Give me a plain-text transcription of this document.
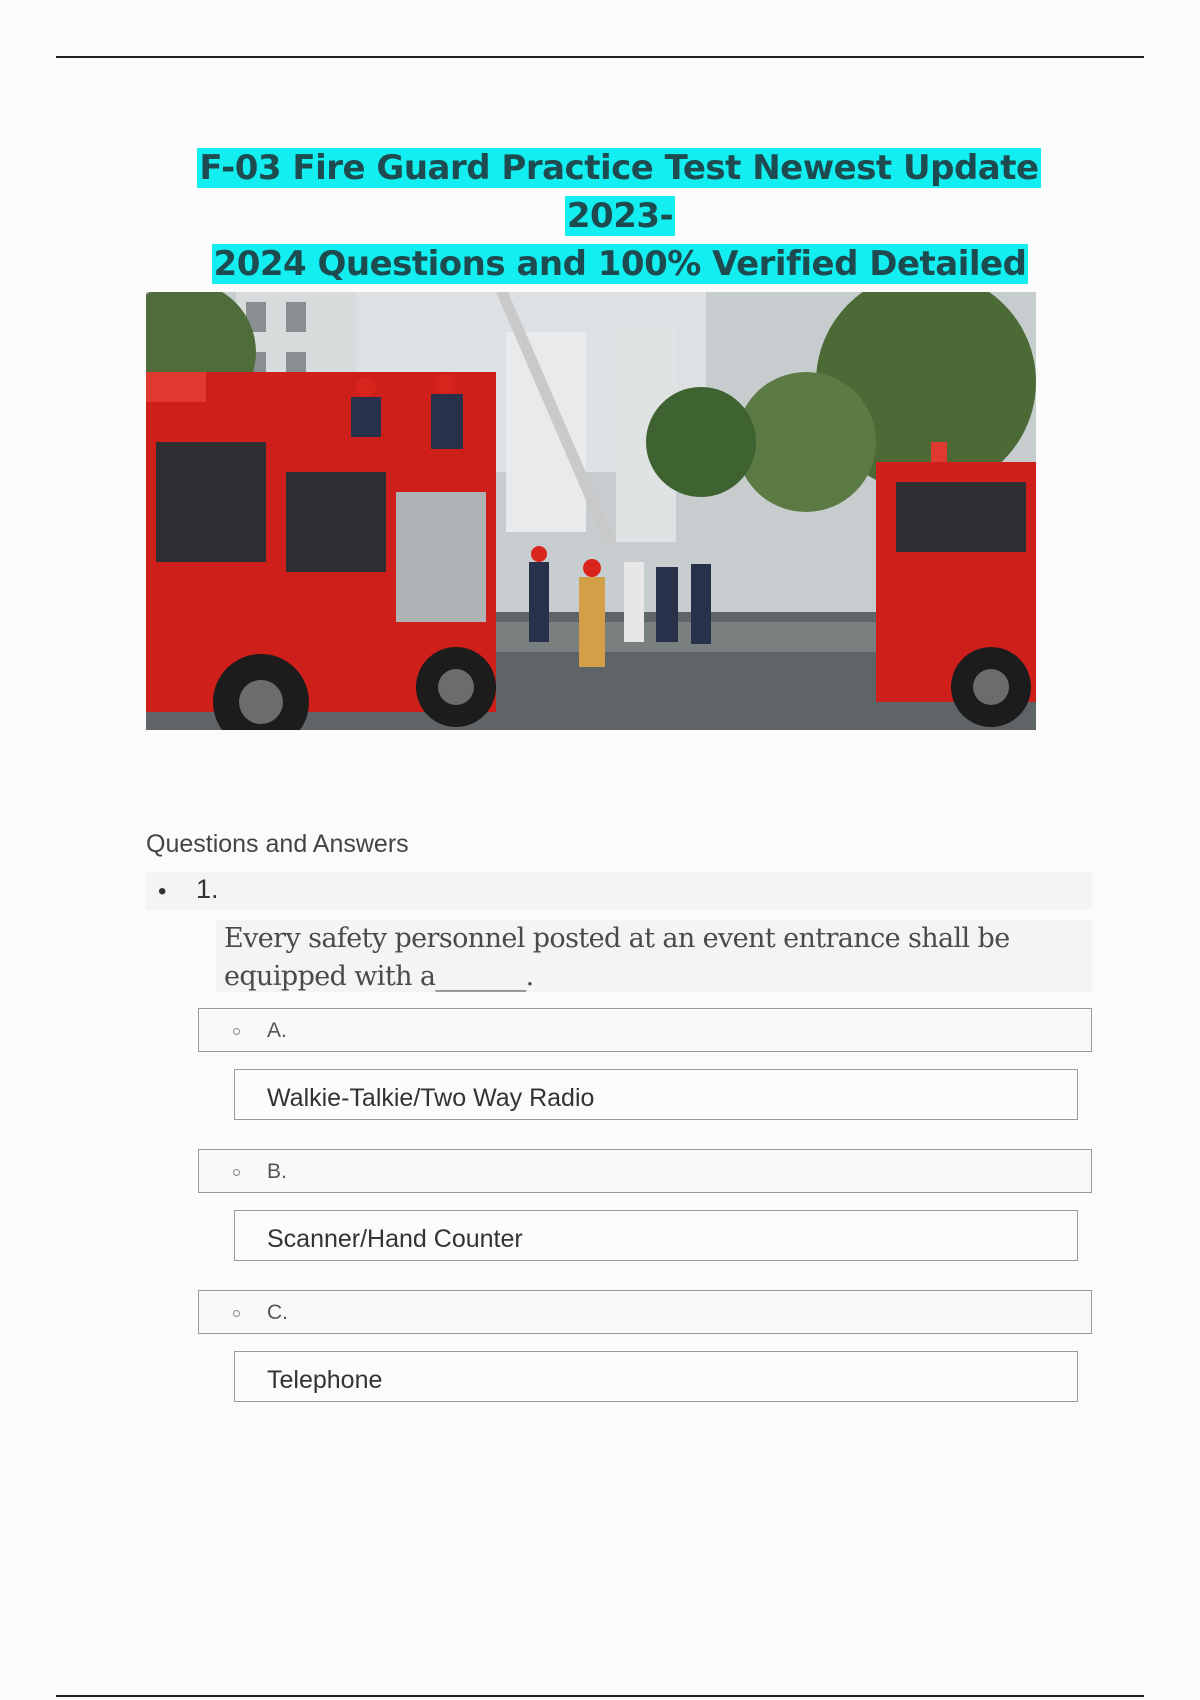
F-03 Fire Guard Practice Test Newest Update 2023-
2024 Questions and 100% Verified Detailed

Questions and Answers
• 1.
Every safety personnel posted at an event entrance shall be equipped with a_______.
A.
Walkie-Talkie/Two Way Radio
B.
Scanner/Hand Counter
C.
Telephone
